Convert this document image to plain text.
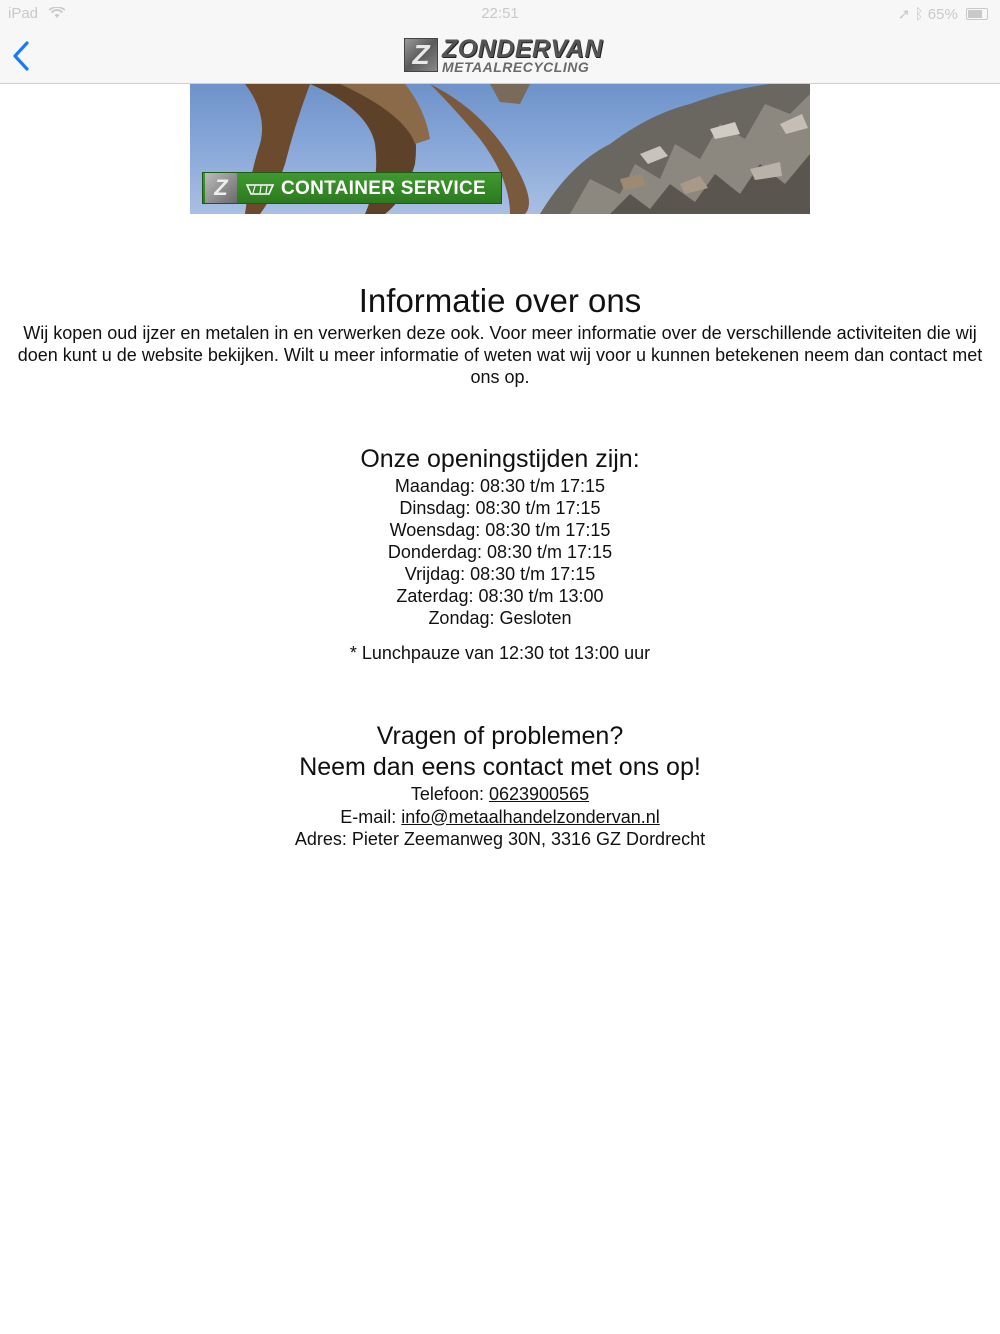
iPad	22:51	➚ ᛒ 65%
Z ZONDERVAN
METAALRECYCLING
Z	CONTAINER SERVICE
Informatie over ons

Wij kopen oud ijzer en metalen in en verwerken deze ook. Voor meer informatie over de verschillende activiteiten die wij doen kunt u de website bekijken. Wilt u meer informatie of weten wat wij voor u kunnen betekenen neem dan contact met ons op.

Onze openingstijden zijn:
Maandag: 08:30 t/m 17:15
Dinsdag: 08:30 t/m 17:15
Woensdag: 08:30 t/m 17:15
Donderdag: 08:30 t/m 17:15
Vrijdag: 08:30 t/m 17:15
Zaterdag: 08:30 t/m 13:00
Zondag: Gesloten

* Lunchpauze van 12:30 tot 13:00 uur

Vragen of problemen?
Neem dan eens contact met ons op!

Telefoon: 0623900565

E-mail: info@metaalhandelzondervan.nl

Adres: Pieter Zeemanweg 30N, 3316 GZ Dordrecht
